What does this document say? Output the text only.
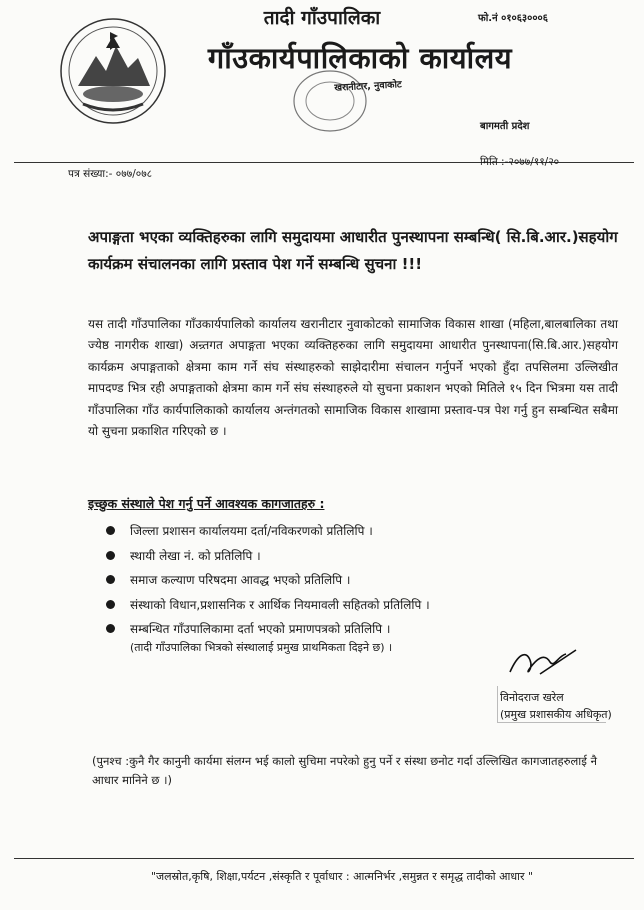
तादी गाँउपालिका
गाँउकार्यपालिकाको कार्यालय
फो.नं ०१०६३०००६
खरानीटार, नुवाकोट
बागमती प्रदेश
पत्र संख्या:- ०७७/०७८
मिति :-२०७७/११/२०
अपाङ्गता भएका व्यक्तिहरुका लागि समुदायमा आधारीत पुनस्थापना सम्बन्धि( सि.बि.आर.)सहयोग कार्यक्रम संचालनका लागि प्रस्ताव पेश गर्ने सम्बन्धि सुचना !!!
यस तादी गाँउपालिका गाँउकार्यपालिको कार्यालय खरानीटार नुवाकोटको सामाजिक विकास शाखा (महिला,बालबालिका तथा ज्येष्ठ नागरीक शाखा) अन्र्तगत अपाङ्गता भएका व्यक्तिहरुका लागि समुदायमा आधारीत पुनस्थापना(सि.बि.आर.)सहयोग कार्यक्रम अपाङ्गताको क्षेत्रमा काम गर्ने संघ संस्थाहरुको साझेदारीमा संचालन गर्नुपर्ने भएको हुँदा तपसिलमा उल्लिखीत मापदण्ड भित्र रही अपाङ्गताको क्षेत्रमा काम गर्ने संघ संस्थाहरुले यो सुचना प्रकाशन भएको मितिले १५ दिन भित्रमा यस तादी गाँउपालिका गाँउ कार्यपालिकाको कार्यालय अन्तंगतको सामाजिक विकास शाखामा प्रस्ताव-पत्र पेश गर्नु हुन सम्बन्धित सबैमा यो सुचना प्रकाशित गरिएको छ ।
इच्छुक संस्थाले पेश गर्नु पर्ने आवश्यक कागजातहरु :
जिल्ला प्रशासन कार्यालयमा दर्ता/नविकरणको प्रतिलिपि ।
स्थायी लेखा नं. को प्रतिलिपि ।
समाज कल्याण परिषदमा आवद्ध भएको प्रतिलिपि ।
संस्थाको विधान,प्रशासनिक र आर्थिक नियमावली सहितको प्रतिलिपि ।
सम्बन्धित गाँउपालिकामा दर्ता भएको प्रमाणपत्रको प्रतिलिपि ।
(तादी गाँउपालिका भित्रको संस्थालाई प्रमुख प्राथमिकता दिइने छ) ।
विनोदराज खरेल
(प्रमुख प्रशासकीय अधिकृत)
(पुनश्च :कुनै गैर कानुनी कार्यमा संलग्न भई कालो सुचिमा नपरेको हुनु पर्ने र संस्था छनोट गर्दा उल्लिखित कागजातहरुलाई नै आधार मानिने छ ।)
"जलस्रोत,कृषि, शिक्षा,पर्यटन ,संस्कृति र पूर्वाधार : आत्मनिर्भर ,समुन्नत र समृद्ध तादीको आधार "
